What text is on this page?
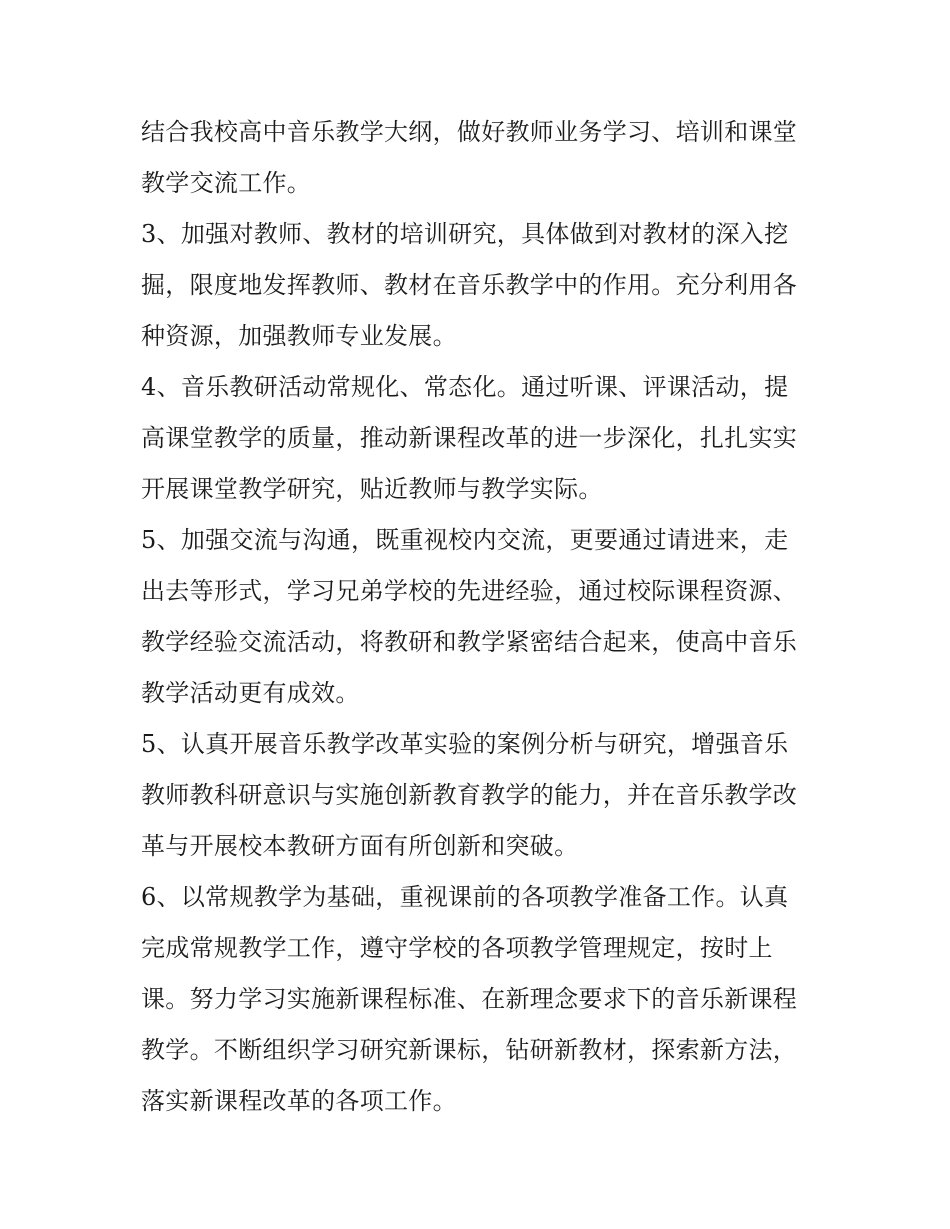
结合我校高中音乐教学大纲，做好教师业务学习、培训和课堂
教学交流工作。
3、加强对教师、教材的培训研究，具体做到对教材的深入挖
掘，限度地发挥教师、教材在音乐教学中的作用。充分利用各
种资源，加强教师专业发展。
4、音乐教研活动常规化、常态化。通过听课、评课活动，提
高课堂教学的质量，推动新课程改革的进一步深化，扎扎实实
开展课堂教学研究，贴近教师与教学实际。
5、加强交流与沟通，既重视校内交流，更要通过请进来，走
出去等形式，学习兄弟学校的先进经验，通过校际课程资源、
教学经验交流活动，将教研和教学紧密结合起来，使高中音乐
教学活动更有成效。
5、认真开展音乐教学改革实验的案例分析与研究，增强音乐
教师教科研意识与实施创新教育教学的能力，并在音乐教学改
革与开展校本教研方面有所创新和突破。
6、以常规教学为基础，重视课前的各项教学准备工作。认真
完成常规教学工作，遵守学校的各项教学管理规定，按时上
课。努力学习实施新课程标准、在新理念要求下的音乐新课程
教学。不断组织学习研究新课标，钻研新教材，探索新方法，
落实新课程改革的各项工作。
